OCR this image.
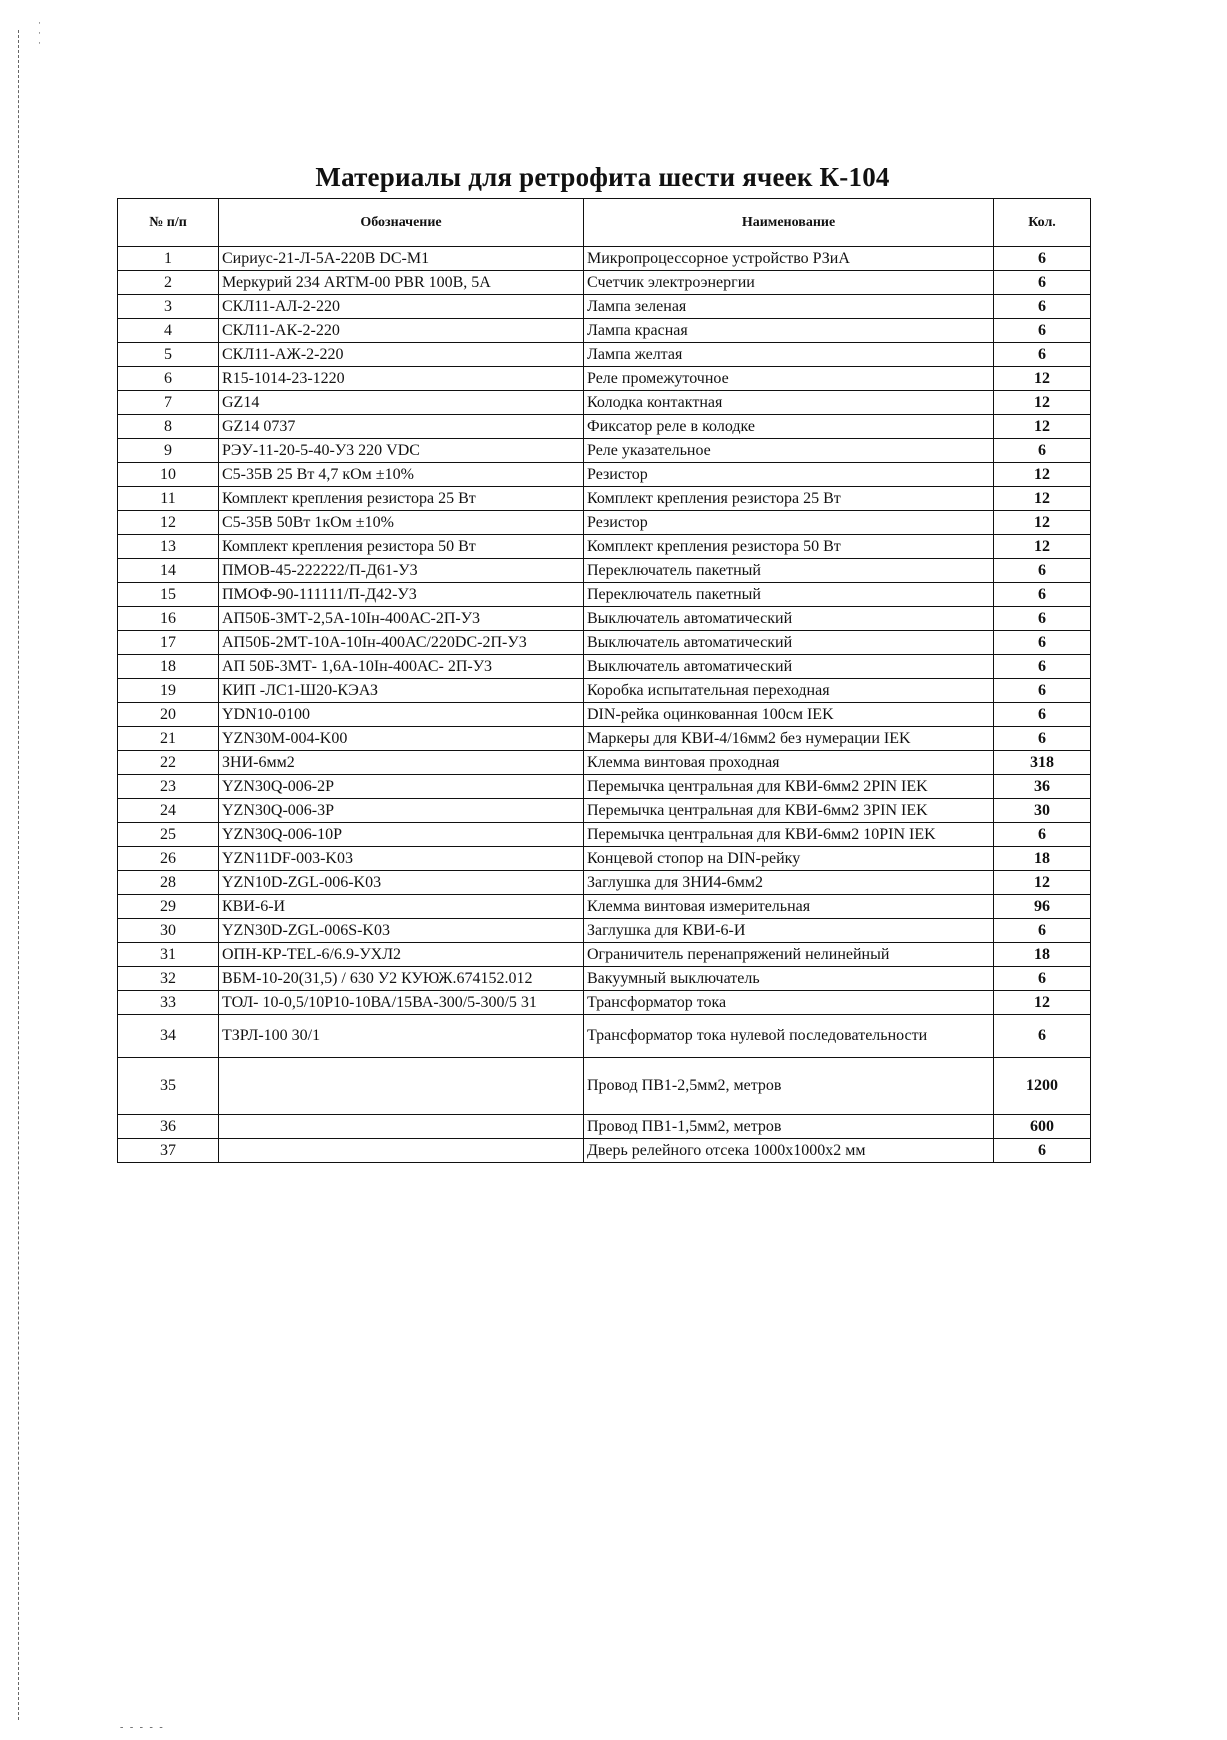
·
·
·
Материалы для ретрофита шести ячеек К-104
№ п/п	Обозначение	Наименование	Кол.
1	Сириус-21-Л-5А-220В DC-M1	Микропроцессорное устройство РЗиА	6
2	Меркурий 234 ARTM-00 PBR 100В, 5А	Счетчик электроэнергии	6
3	СКЛ11-АЛ-2-220	Лампа зеленая	6
4	СКЛ11-АК-2-220	Лампа красная	6
5	СКЛ11-АЖ-2-220	Лампа желтая	6
6	R15-1014-23-1220	Реле промежуточное	12
7	GZ14	Колодка контактная	12
8	GZ14 0737	Фиксатор реле в колодке	12
9	РЭУ-11-20-5-40-У3 220 VDC	Реле указательное	6
10	С5-35В 25 Вт 4,7 кОм ±10%	Резистор	12
11	Комплект крепления резистора 25 Вт	Комплект крепления резистора 25 Вт	12
12	С5-35В 50Вт 1кОм ±10%	Резистор	12
13	Комплект крепления резистора 50 Вт	Комплект крепления резистора 50 Вт	12
14	ПМОВ-45-222222/П-Д61-У3	Переключатель пакетный	6
15	ПМОФ-90-111111/П-Д42-У3	Переключатель пакетный	6
16	АП50Б-3МТ-2,5А-10Iн-400АС-2П-У3	Выключатель автоматический	6
17	АП50Б-2МТ-10А-10Iн-400АС/220DC-2П-У3	Выключатель автоматический	6
18	АП 50Б-3МТ- 1,6А-10Iн-400АС- 2П-У3	Выключатель автоматический	6
19	КИП -ЛС1-Ш20-КЭАЗ	Коробка испытательная переходная	6
20	YDN10-0100	DIN-рейка оцинкованная 100см IEK	6
21	YZN30M-004-K00	Маркеры для КВИ-4/16мм2 без нумерации IEK	6
22	ЗНИ-6мм2	Клемма винтовая проходная	318
23	YZN30Q-006-2P	Перемычка центральная для КВИ-6мм2 2PIN IEK	36
24	YZN30Q-006-3P	Перемычка центральная для КВИ-6мм2 3PIN IEK	30
25	YZN30Q-006-10P	Перемычка центральная для КВИ-6мм2 10PIN IEK	6
26	YZN11DF-003-K03	Концевой стопор на DIN-рейку	18
28	YZN10D-ZGL-006-K03	Заглушка для ЗНИ4-6мм2	12
29	КВИ-6-И	Клемма винтовая измерительная	96
30	YZN30D-ZGL-006S-K03	Заглушка для КВИ-6-И	6
31	ОПН-КР-TEL-6/6.9-УХЛ2	Ограничитель перенапряжений нелинейный	18
32	ВБМ-10-20(31,5) / 630 У2 КУЮЖ.674152.012	Вакуумный выключатель	6
33	ТОЛ- 10-0,5/10Р10-10ВА/15ВА-300/5-300/5 31	Трансформатор тока	12
34	ТЗРЛ-100 30/1	Трансформатор тока нулевой последовательности	6
35		Провод ПВ1-2,5мм2, метров	1200
36		Провод ПВ1-1,5мм2, метров	600
37		Дверь релейного отсека 1000х1000х2 мм	6
- - - - -
